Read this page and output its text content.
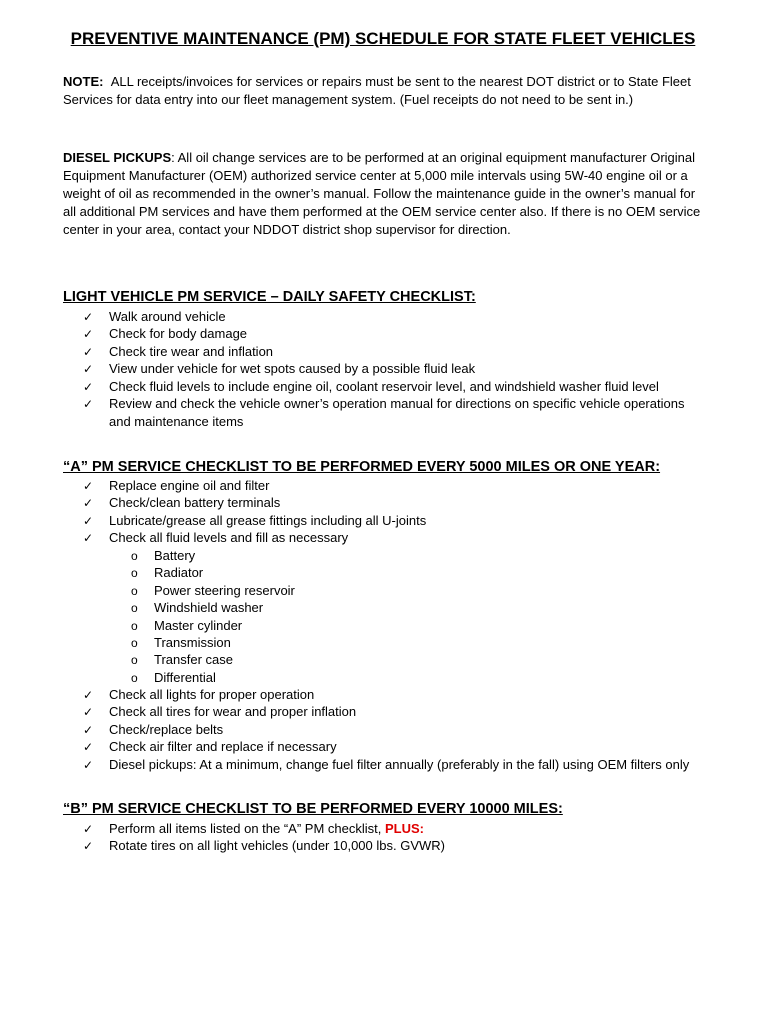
PREVENTIVE MAINTENANCE (PM) SCHEDULE FOR STATE FLEET VEHICLES
NOTE: ALL receipts/invoices for services or repairs must be sent to the nearest DOT district or to State Fleet Services for data entry into our fleet management system. (Fuel receipts do not need to be sent in.)
DIESEL PICKUPS: All oil change services are to be performed at an original equipment manufacturer Original Equipment Manufacturer (OEM) authorized service center at 5,000 mile intervals using 5W-40 engine oil or a weight of oil as recommended in the owner’s manual. Follow the maintenance guide in the owner’s manual for all additional PM services and have them performed at the OEM service center also. If there is no OEM service center in your area, contact your NDDOT district shop supervisor for direction.
LIGHT VEHICLE PM SERVICE – DAILY SAFETY CHECKLIST:
✓ Walk around vehicle
✓ Check for body damage
✓ Check tire wear and inflation
✓ View under vehicle for wet spots caused by a possible fluid leak
✓ Check fluid levels to include engine oil, coolant reservoir level, and windshield washer fluid level
✓ Review and check the vehicle owner’s operation manual for directions on specific vehicle operations and maintenance items
“A” PM SERVICE CHECKLIST TO BE PERFORMED EVERY 5000 MILES OR ONE YEAR:
✓ Replace engine oil and filter
✓ Check/clean battery terminals
✓ Lubricate/grease all grease fittings including all U-joints
✓ Check all fluid levels and fill as necessary
o Battery
o Radiator
o Power steering reservoir
o Windshield washer
o Master cylinder
o Transmission
o Transfer case
o Differential
✓ Check all lights for proper operation
✓ Check all tires for wear and proper inflation
✓ Check/replace belts
✓ Check air filter and replace if necessary
✓ Diesel pickups: At a minimum, change fuel filter annually (preferably in the fall) using OEM filters only
“B” PM SERVICE CHECKLIST TO BE PERFORMED EVERY 10000 MILES:
✓ Perform all items listed on the “A” PM checklist, PLUS:
✓ Rotate tires on all light vehicles (under 10,000 lbs. GVWR)
